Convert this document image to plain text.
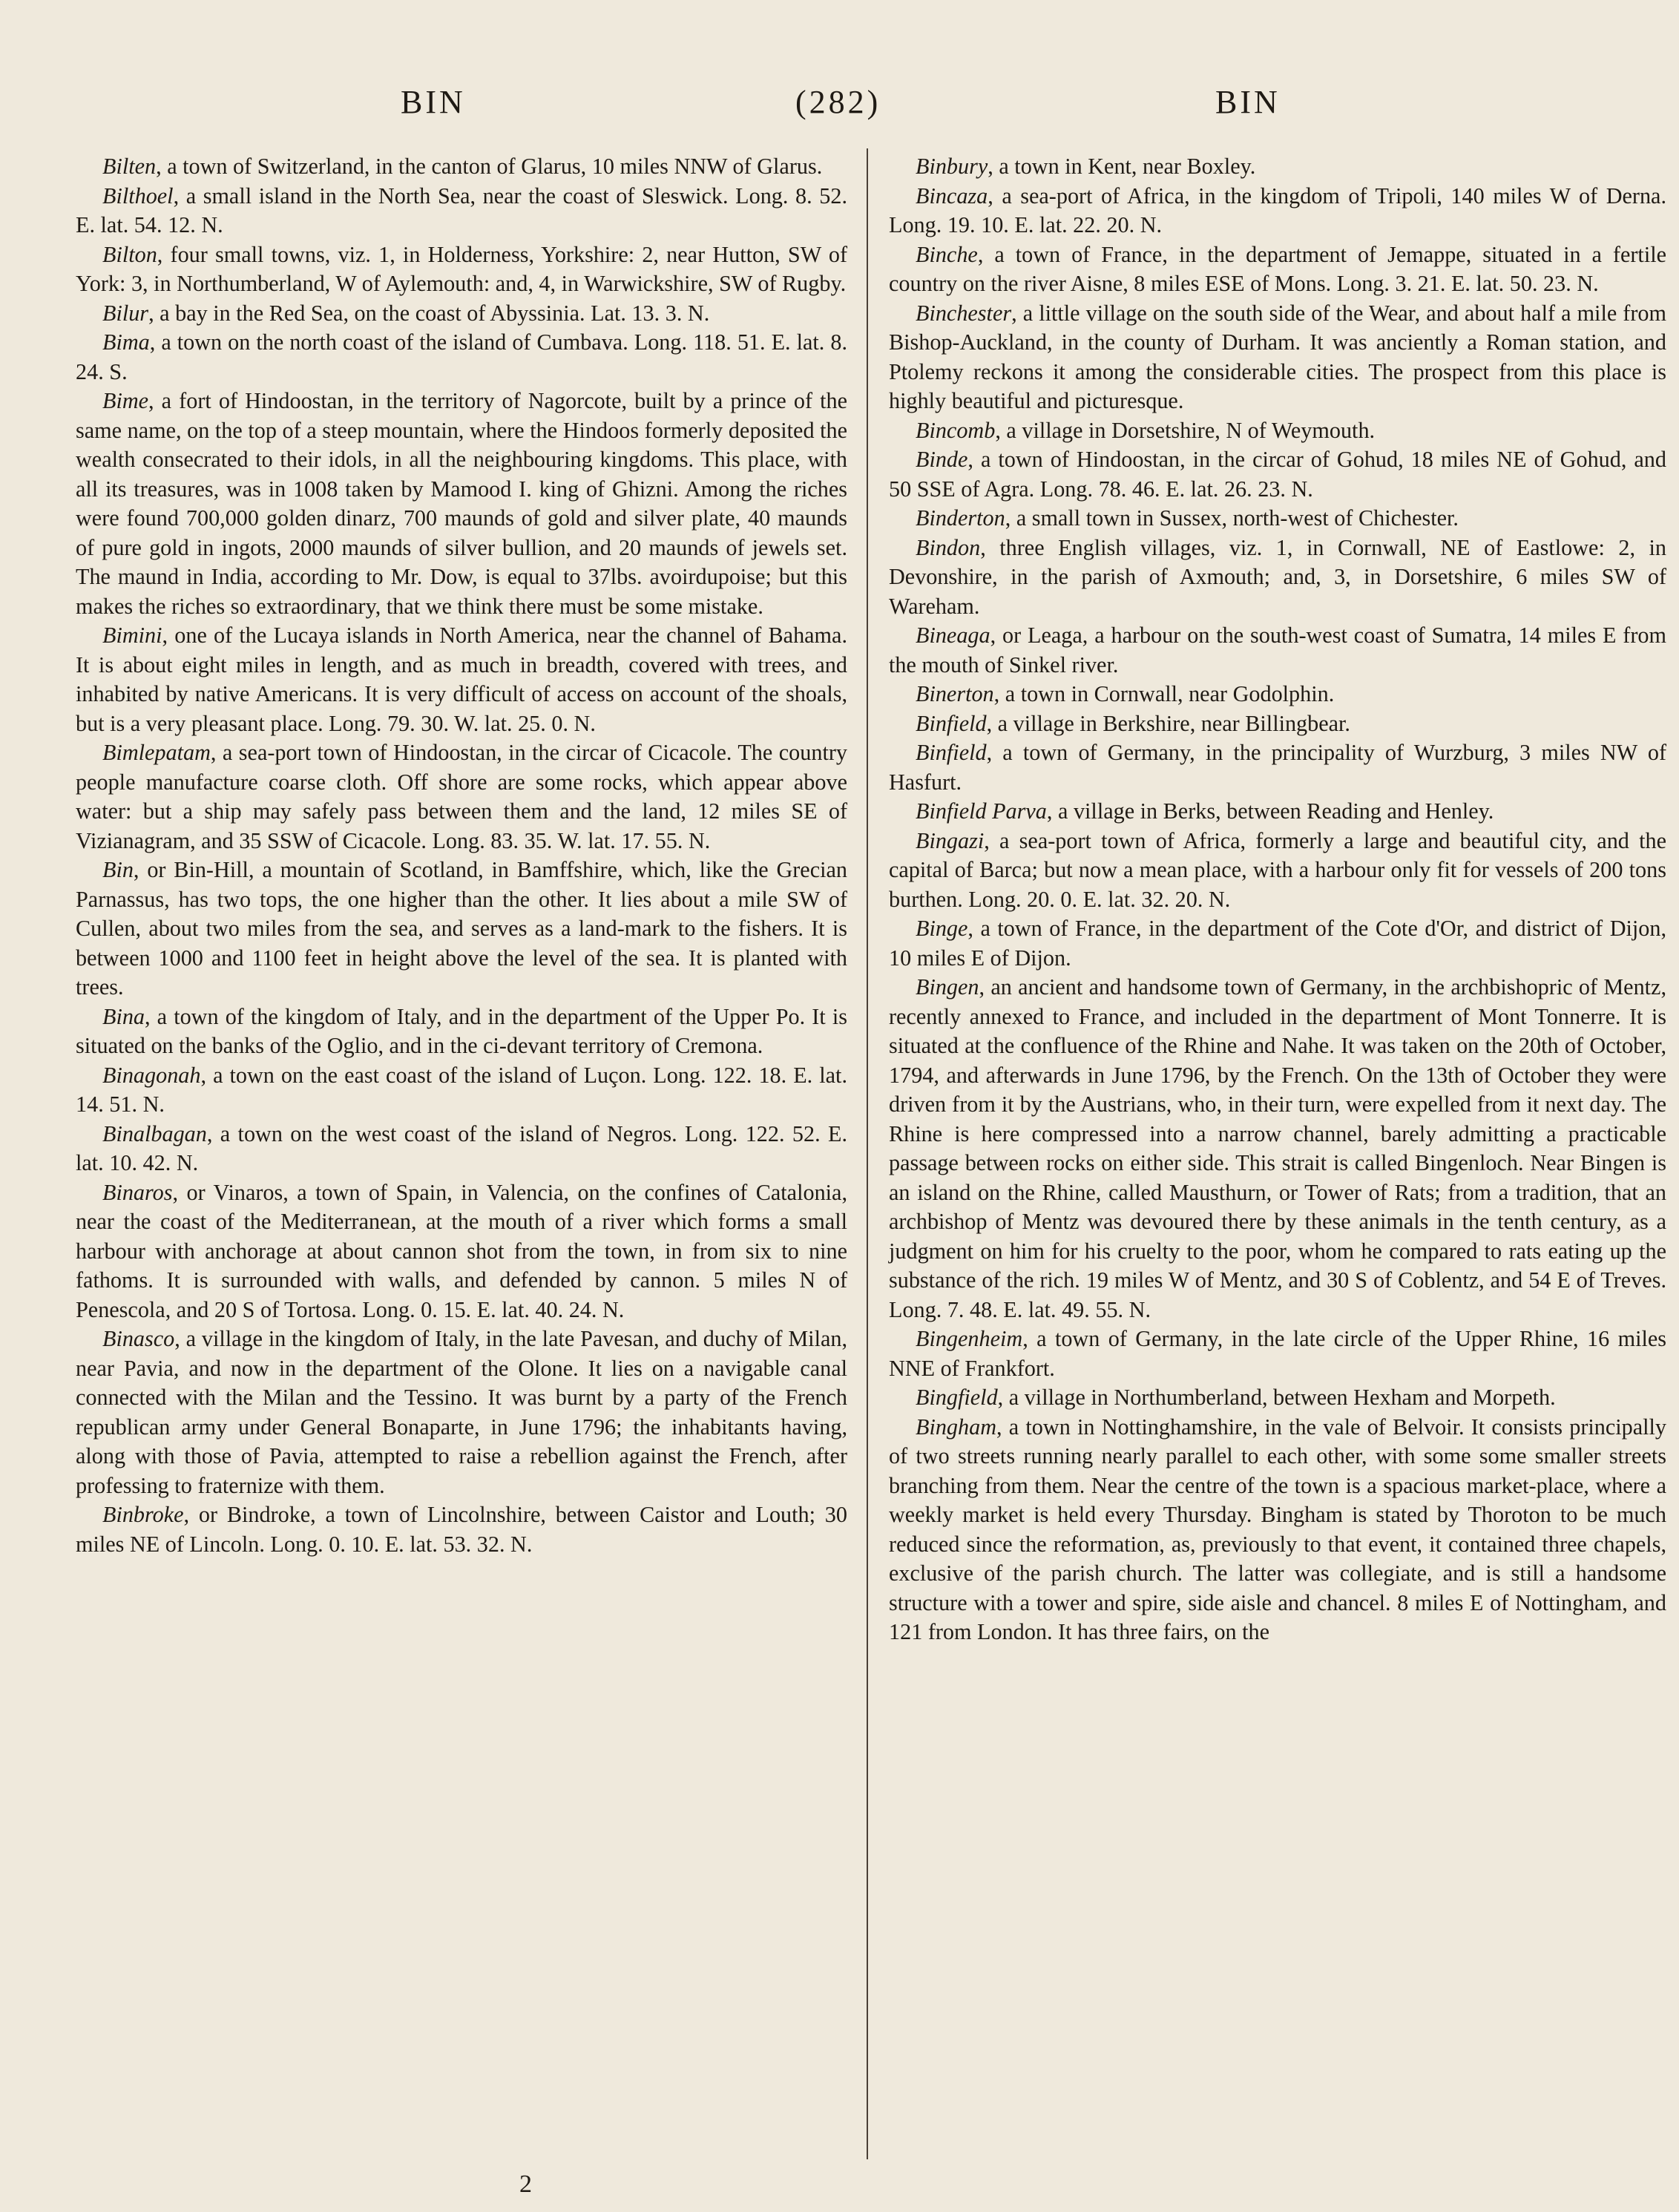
BIN	(282)	BIN

Bilten, a town of Switzerland, in the canton of Glarus, 10 miles NNW of Glarus.

Bilthoel, a small island in the North Sea, near the coast of Sleswick. Long. 8. 52. E. lat. 54. 12. N.

Bilton, four small towns, viz. 1, in Holderness, Yorkshire: 2, near Hutton, SW of York: 3, in Northumberland, W of Aylemouth: and, 4, in Warwickshire, SW of Rugby.

Bilur, a bay in the Red Sea, on the coast of Abyssinia. Lat. 13. 3. N.

Bima, a town on the north coast of the island of Cumbava. Long. 118. 51. E. lat. 8. 24. S.

Bime, a fort of Hindoostan, in the territory of Nagorcote, built by a prince of the same name, on the top of a steep mountain, where the Hindoos formerly deposited the wealth consecrated to their idols, in all the neighbouring kingdoms. This place, with all its treasures, was in 1008 taken by Mamood I. king of Ghizni. Among the riches were found 700,000 golden dinarz, 700 maunds of gold and silver plate, 40 maunds of pure gold in ingots, 2000 maunds of silver bullion, and 20 maunds of jewels set. The maund in India, according to Mr. Dow, is equal to 37lbs. avoirdupoise; but this makes the riches so extraordinary, that we think there must be some mistake.

Bimini, one of the Lucaya islands in North America, near the channel of Bahama. It is about eight miles in length, and as much in breadth, covered with trees, and inhabited by native Americans. It is very difficult of access on account of the shoals, but is a very pleasant place. Long. 79. 30. W. lat. 25. 0. N.

Bimlepatam, a sea-port town of Hindoostan, in the circar of Cicacole. The country people manufacture coarse cloth. Off shore are some rocks, which appear above water: but a ship may safely pass between them and the land, 12 miles SE of Vizianagram, and 35 SSW of Cicacole. Long. 83. 35. W. lat. 17. 55. N.

Bin, or Bin-Hill, a mountain of Scotland, in Bamffshire, which, like the Grecian Parnassus, has two tops, the one higher than the other. It lies about a mile SW of Cullen, about two miles from the sea, and serves as a land-mark to the fishers. It is between 1000 and 1100 feet in height above the level of the sea. It is planted with trees.

Bina, a town of the kingdom of Italy, and in the department of the Upper Po. It is situated on the banks of the Oglio, and in the ci-devant territory of Cremona.

Binagonah, a town on the east coast of the island of Luçon. Long. 122. 18. E. lat. 14. 51. N.

Binalbagan, a town on the west coast of the island of Negros. Long. 122. 52. E. lat. 10. 42. N.

Binaros, or Vinaros, a town of Spain, in Valencia, on the confines of Catalonia, near the coast of the Mediterranean, at the mouth of a river which forms a small harbour with anchorage at about cannon shot from the town, in from six to nine fathoms. It is surrounded with walls, and defended by cannon. 5 miles N of Penescola, and 20 S of Tortosa. Long. 0. 15. E. lat. 40. 24. N.

Binasco, a village in the kingdom of Italy, in the late Pavesan, and duchy of Milan, near Pavia, and now in the department of the Olone. It lies on a navigable canal connected with the Milan and the Tessino. It was burnt by a party of the French republican army under General Bonaparte, in June 1796; the inhabitants having, along with those of Pavia, attempted to raise a rebellion against the French, after professing to fraternize with them.

Binbroke, or Bindroke, a town of Lincolnshire, between Caistor and Louth; 30 miles NE of Lincoln. Long. 0. 10. E. lat. 53. 32. N.

Binbury, a town in Kent, near Boxley.

Bincaza, a sea-port of Africa, in the kingdom of Tripoli, 140 miles W of Derna. Long. 19. 10. E. lat. 22. 20. N.

Binche, a town of France, in the department of Jemappe, situated in a fertile country on the river Aisne, 8 miles ESE of Mons. Long. 3. 21. E. lat. 50. 23. N.

Binchester, a little village on the south side of the Wear, and about half a mile from Bishop-Auckland, in the county of Durham. It was anciently a Roman station, and Ptolemy reckons it among the considerable cities. The prospect from this place is highly beautiful and picturesque.

Bincomb, a village in Dorsetshire, N of Weymouth.

Binde, a town of Hindoostan, in the circar of Gohud, 18 miles NE of Gohud, and 50 SSE of Agra. Long. 78. 46. E. lat. 26. 23. N.

Binderton, a small town in Sussex, north-west of Chichester.

Bindon, three English villages, viz. 1, in Cornwall, NE of Eastlowe: 2, in Devonshire, in the parish of Axmouth; and, 3, in Dorsetshire, 6 miles SW of Wareham.

Bineaga, or Leaga, a harbour on the south-west coast of Sumatra, 14 miles E from the mouth of Sinkel river.

Binerton, a town in Cornwall, near Godolphin.

Binfield, a village in Berkshire, near Billingbear.

Binfield, a town of Germany, in the principality of Wurzburg, 3 miles NW of Hasfurt.

Binfield Parva, a village in Berks, between Reading and Henley.

Bingazi, a sea-port town of Africa, formerly a large and beautiful city, and the capital of Barca; but now a mean place, with a harbour only fit for vessels of 200 tons burthen. Long. 20. 0. E. lat. 32. 20. N.

Binge, a town of France, in the department of the Cote d'Or, and district of Dijon, 10 miles E of Dijon.

Bingen, an ancient and handsome town of Germany, in the archbishopric of Mentz, recently annexed to France, and included in the department of Mont Tonnerre. It is situated at the confluence of the Rhine and Nahe. It was taken on the 20th of October, 1794, and afterwards in June 1796, by the French. On the 13th of October they were driven from it by the Austrians, who, in their turn, were expelled from it next day. The Rhine is here compressed into a narrow channel, barely admitting a practicable passage between rocks on either side. This strait is called Bingenloch. Near Bingen is an island on the Rhine, called Mausthurn, or Tower of Rats; from a tradition, that an archbishop of Mentz was devoured there by these animals in the tenth century, as a judgment on him for his cruelty to the poor, whom he compared to rats eating up the substance of the rich. 19 miles W of Mentz, and 30 S of Coblentz, and 54 E of Treves. Long. 7. 48. E. lat. 49. 55. N.

Bingenheim, a town of Germany, in the late circle of the Upper Rhine, 16 miles NNE of Frankfort.

Bingfield, a village in Northumberland, between Hexham and Morpeth.

Bingham, a town in Nottinghamshire, in the vale of Belvoir. It consists principally of two streets running nearly parallel to each other, with some some smaller streets branching from them. Near the centre of the town is a spacious market-place, where a weekly market is held every Thursday. Bingham is stated by Thoroton to be much reduced since the reformation, as, previously to that event, it contained three chapels, exclusive of the parish church. The latter was collegiate, and is still a handsome structure with a tower and spire, side aisle and chancel. 8 miles E of Nottingham, and 121 from London. It has three fairs, on the

2
